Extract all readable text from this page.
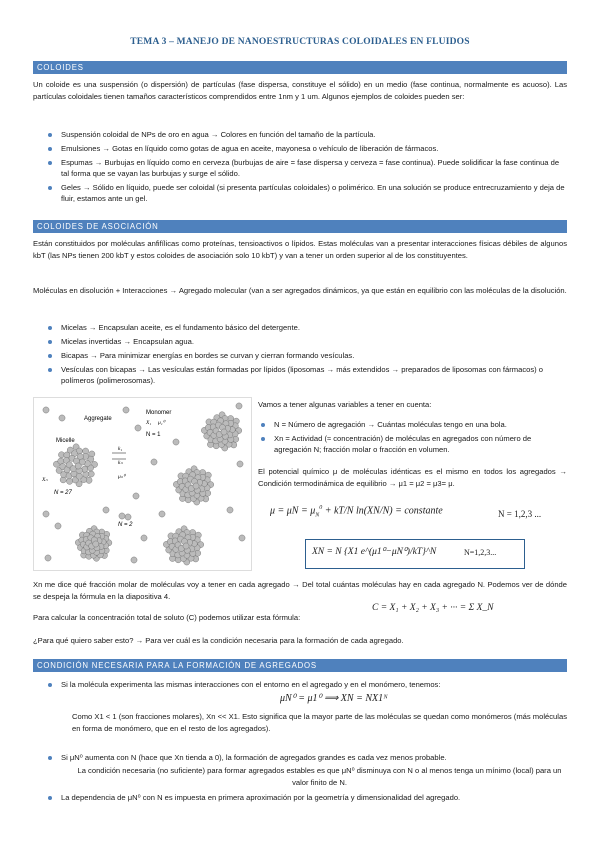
TEMA 3 – MANEJO DE NANOESTRUCTURAS COLOIDALES EN FLUIDOS
COLOIDES
Un coloide es una suspensión (o dispersión) de partículas (fase dispersa, constituye el sólido) en un medio (fase continua, normalmente es acuoso). Las partículas coloidales tienen tamaños característicos comprendidos entre 1nm y 1 um. Algunos ejemplos de coloides pueden ser:
Suspensión coloidal de NPs de oro en agua → Colores en función del tamaño de la partícula.
Emulsiones → Gotas en líquido como gotas de agua en aceite, mayonesa o vehículo de liberación de fármacos.
Espumas → Burbujas en líquido como en cerveza (burbujas de aire = fase dispersa y cerveza = fase continua). Puede solidificar la fase continua de tal forma que se vayan las burbujas y surge el sólido.
Geles → Sólido en líquido, puede ser coloidal (si presenta partículas coloidales) o polimérico. En una solución se produce entrecruzamiento y deja de fluir, estamos ante un gel.
COLOIDES DE ASOCIACIÓN
Están constituidos por moléculas anfifílicas como proteínas, tensioactivos o lípidos. Estas moléculas van a presentar interacciones físicas débiles de algunos kbT (las NPs tienen 200 kbT y estos coloides de asociación solo 10 kbT) y van a tener un orden superior al de los constituyentes.
Moléculas en disolución + Interacciones → Agregado molecular (van a ser agregados dinámicos, ya que están en equilibrio con las moléculas de la disolución.
Micelas → Encapsulan aceite, es el fundamento básico del detergente.
Micelas invertidas → Encapsulan agua.
Bicapas → Para minimizar energías en bordes se curvan y cierran formando vesículas.
Vesículas con bicapas → Las vesículas están formadas por lípidos (liposomas → más extendidos → preparados de liposomas con fármacos) o polímeros (polimerosomas).
Aggregate
Monomer
X₁ μ₁⁰
N = 1
Micelle
k₁
kₙ
Xₙ	μₙ⁰
N = 27
N = 2
Vamos a tener algunas variables a tener en cuenta:
N = Número de agregación → Cuántas moléculas tengo en una bola.
Xn = Actividad (≈ concentración) de moléculas en agregados con número de agregación N; fracción molar o fracción en volumen.
El potencial químico μ de moléculas idénticas es el mismo en todos los agregados → Condición termodinámica de equilibrio → μ1 = μ2 = μ3= μ.
$\mu = \mu N = \mu_N^0 + kT/N$ ln(XN/N) = constante	N = 1,2,3 ...
XN = N {X1 e^(μ1⁰−μN⁰)/kT}^N	N=1,2,3...
Xn me dice qué fracción molar de moléculas voy a tener en cada agregado → Del total cuántas moléculas hay en cada agregado N. Podemos ver de dónde se despeja la fórmula en la diapositiva 4.
Para calcular la concentración total de soluto (C) podemos utilizar esta fórmula:
C = X₁ + X₂ + X₃ + ··· = Σ X_N
¿Para qué quiero saber esto? → Para ver cuál es la condición necesaria para la formación de cada agregado.
CONDICIÓN NECESARIA PARA LA FORMACIÓN DE AGREGADOS
Si la molécula experimenta las mismas interacciones con el entorno en el agregado y en el monómero, tenemos:
μN⁰ = μ1⁰ ⟹ XN = NX1ᴺ
Como X1 < 1 (son fracciones molares), Xn << X1. Esto significa que la mayor parte de las moléculas se quedan como monómeros (más moléculas en forma de monómero, que en el resto de los agregados).
Si μN⁰ aumenta con N (hace que Xn tienda a 0), la formación de agregados grandes es cada vez menos probable.
La condición necesaria (no suficiente) para formar agregados estables es que μN⁰ disminuya con N o al menos tenga un mínimo (local) para un valor finito de N.
La dependencia de μN⁰ con N es impuesta en primera aproximación por la geometría y dimensionalidad del agregado.
